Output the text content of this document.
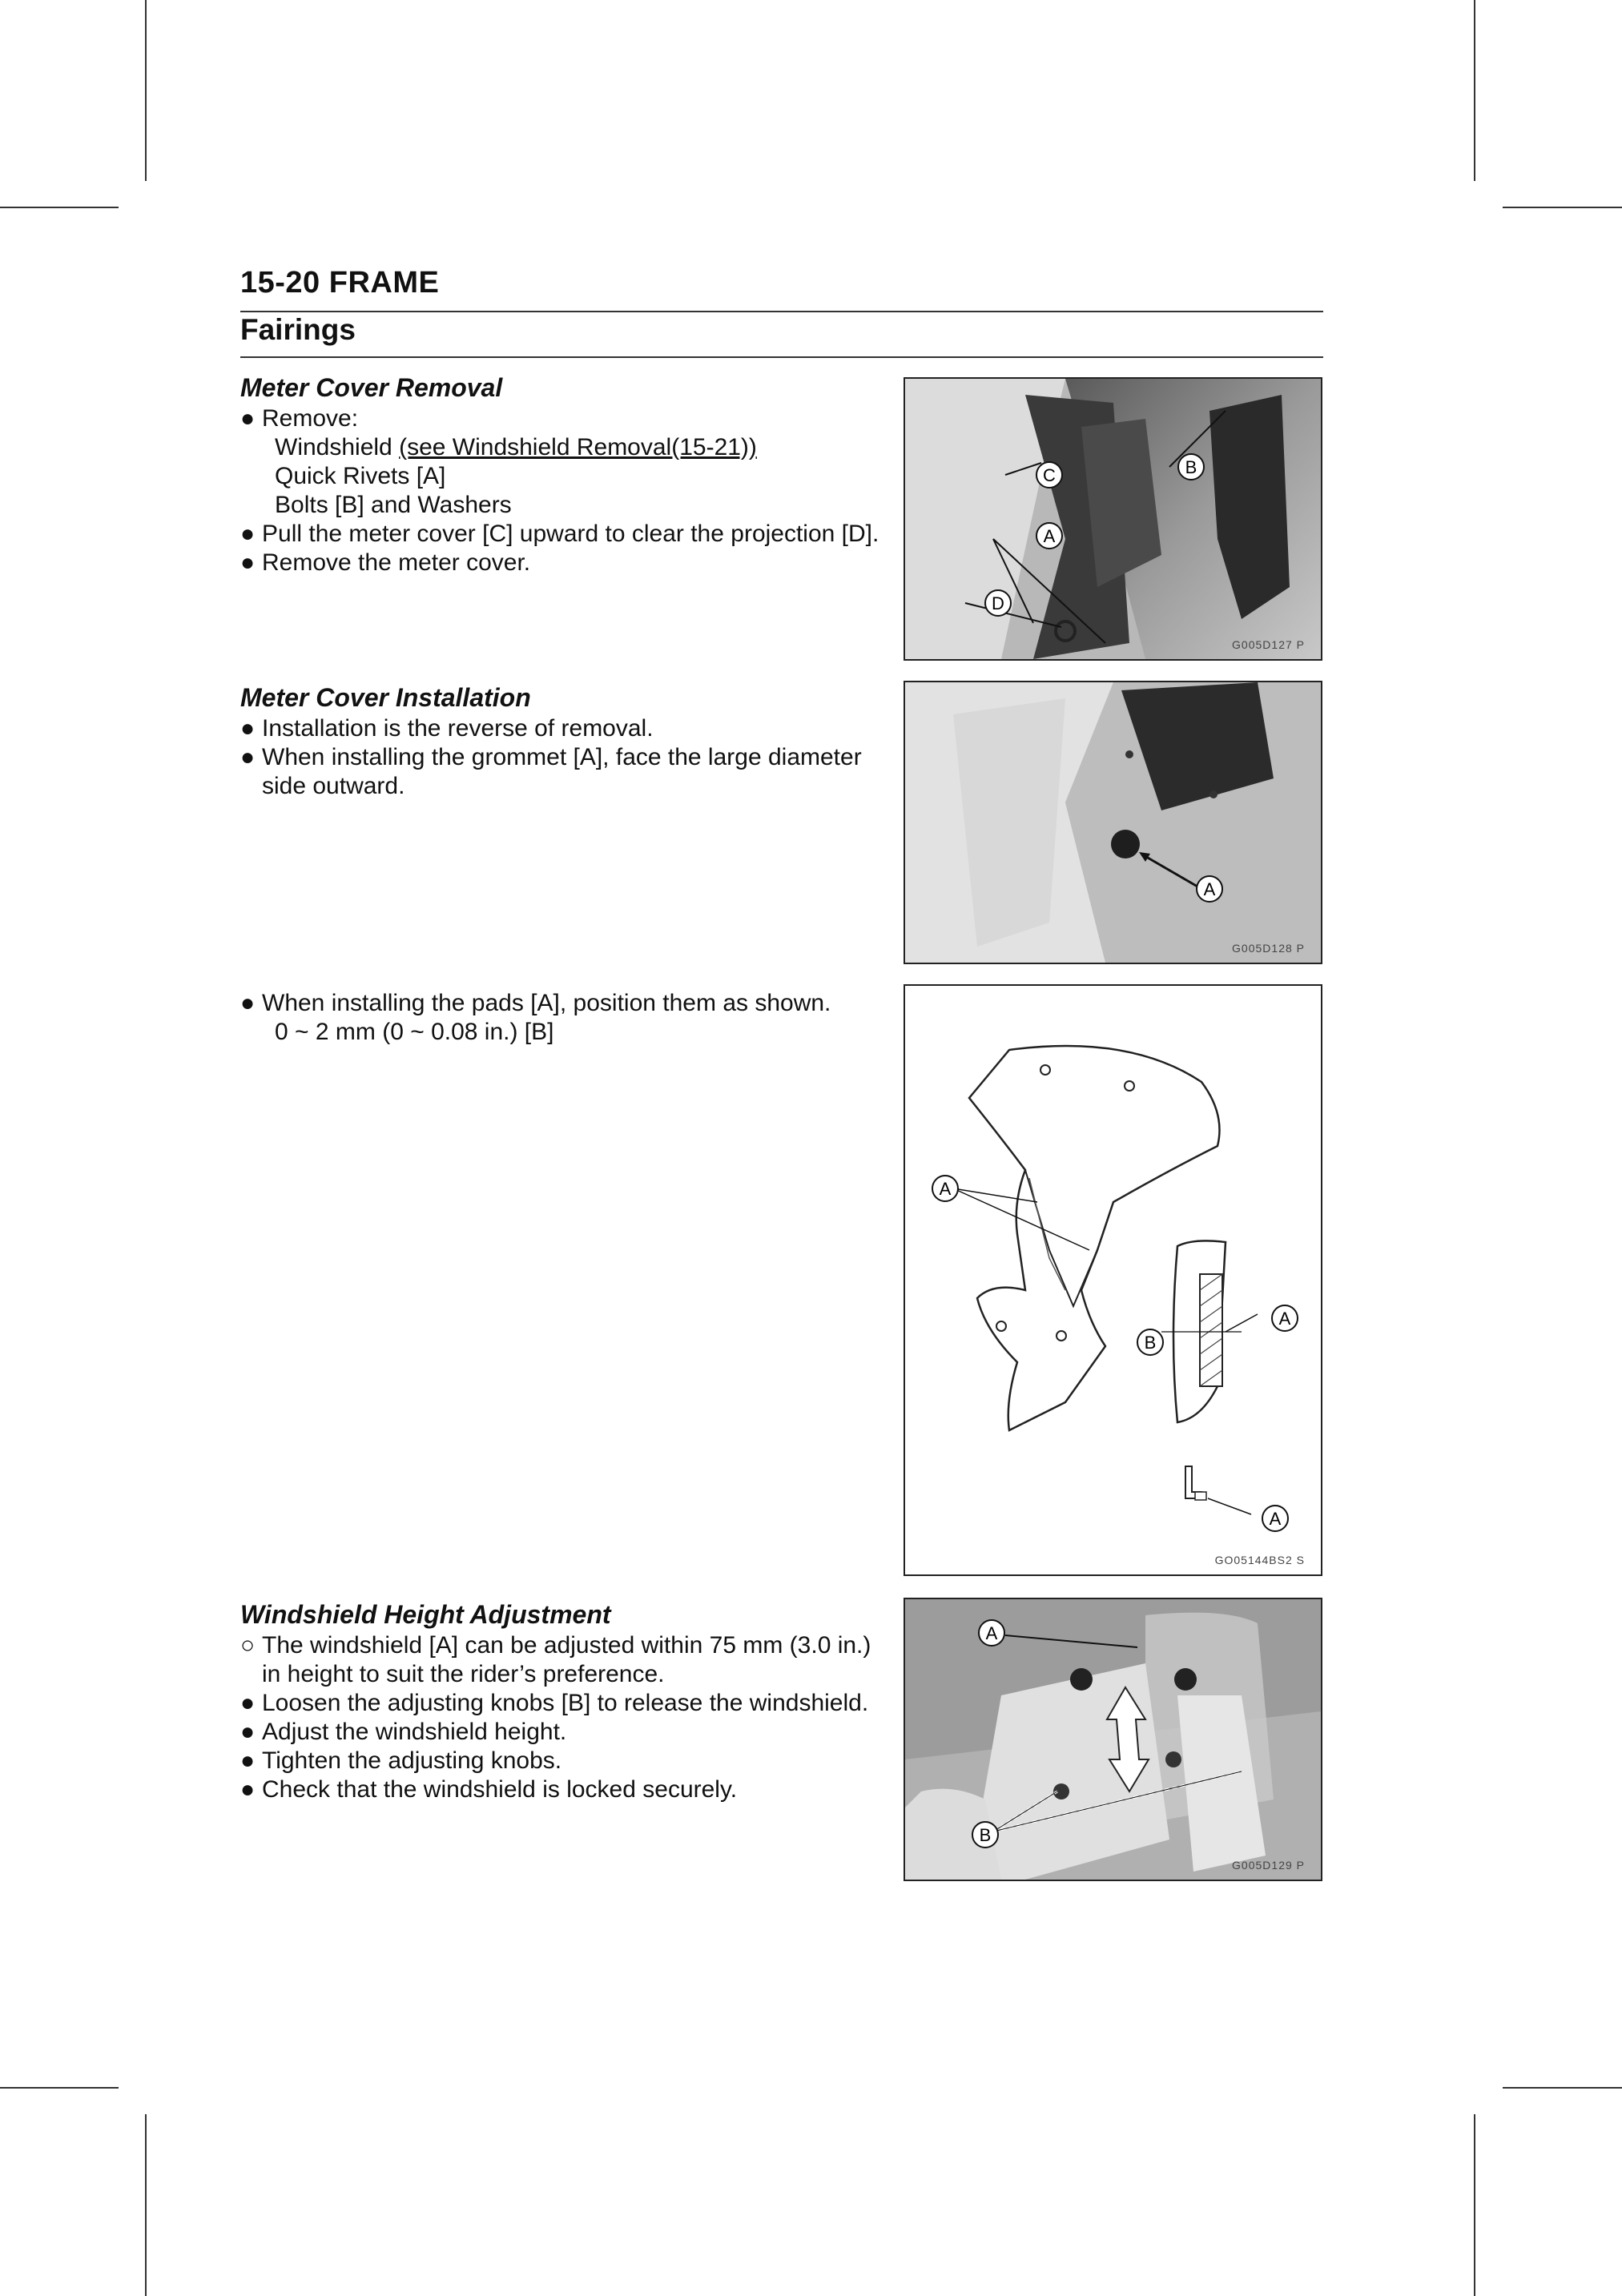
15-20 FRAME
Fairings
Meter Cover Removal
● Remove:
Windshield (see Windshield Removal(15-21))
Quick Rivets [A]
Bolts [B] and Washers
● Pull the meter cover [C] upward to clear the projection [D].
● Remove the meter cover.
Meter Cover Installation
● Installation is the reverse of removal.
● When installing the grommet [A], face the large diameter
side outward.
● When installing the pads [A], position them as shown.
0 ~ 2 mm (0 ~ 0.08 in.) [B]
Windshield Height Adjustment
○ The windshield [A] can be adjusted within 75 mm (3.0 in.)
in height to suit the rider’s preference.
● Loosen the adjusting knobs [B] to release the windshield.
● Adjust the windshield height.
● Tighten the adjusting knobs.
● Check that the windshield is locked securely.
C	B
A
D
G005D127 P
A
G005D128 P
A
A
B
A
GO05144BS2 S
A
B
G005D129 P
